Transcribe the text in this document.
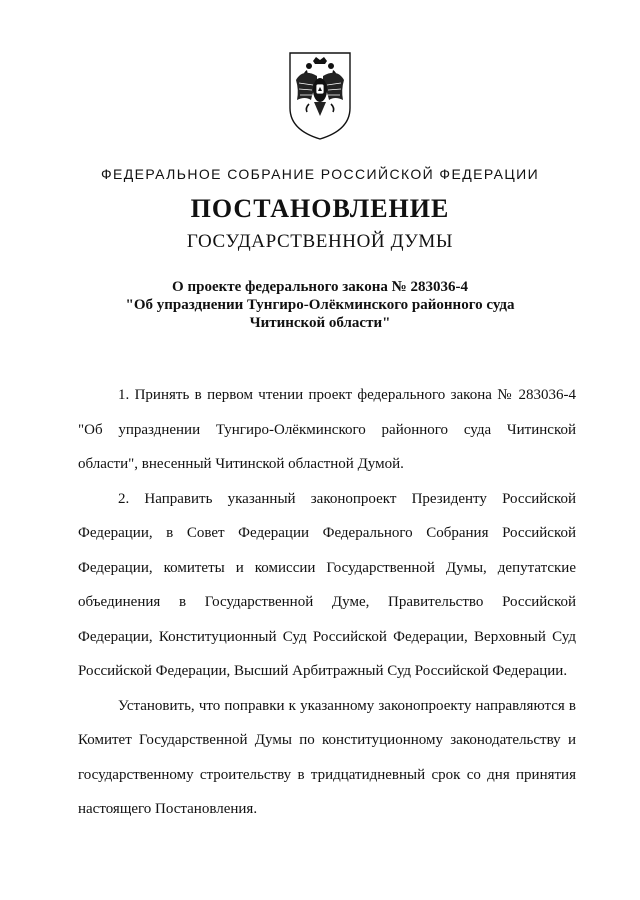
ФЕДЕРАЛЬНОЕ СОБРАНИЕ РОССИЙСКОЙ ФЕДЕРАЦИИ
ПОСТАНОВЛЕНИЕ
ГОСУДАРСТВЕННОЙ ДУМЫ
О проекте федерального закона № 283036-4
"Об упразднении Тунгиро-Олёкминского районного суда
Читинской области"

1. Принять в первом чтении проект федерального закона № 283036-4 "Об упразднении Тунгиро-Олёкминского районного суда Читинской области", внесенный Читинской областной Думой.

2. Направить указанный законопроект Президенту Российской Федерации, в Совет Федерации Федерального Собрания Российской Федерации, комитеты и комиссии Государственной Думы, депутатские объединения в Государственной Думе, Правительство Российской Федерации, Конституционный Суд Российской Федерации, Верховный Суд Российской Федерации, Высший Арбитражный Суд Российской Федерации.

Установить, что поправки к указанному законопроекту направляются в Комитет Государственной Думы по конституционному законодательству и государственному строительству в тридцатидневный срок со дня принятия настоящего Постановления.
